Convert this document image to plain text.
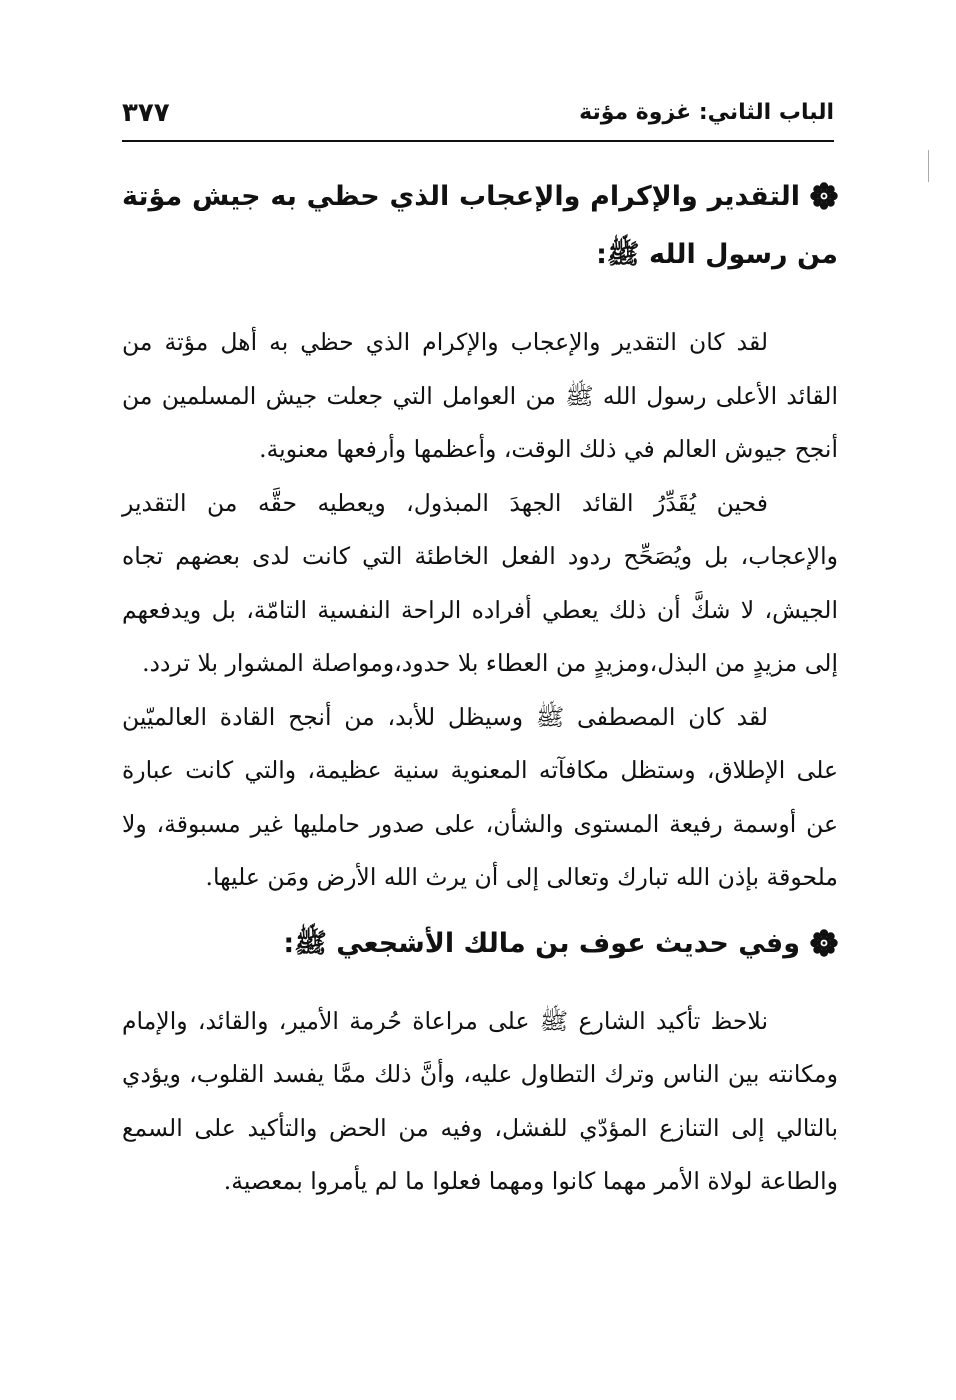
الباب الثاني: غزوة مؤتة
٣٧٧
التقدير والإكرام والإعجاب الذي حظي به جيش مؤتة من رسول الله ﷺ:

لقد كان التقدير والإعجاب والإكرام الذي حظي به أهل مؤتة من القائد الأعلى رسول الله ﷺ من العوامل التي جعلت جيش المسلمين من أنجح جيوش العالم في ذلك الوقت، وأعظمها وأرفعها معنوية.

فحين يُقَدِّرُ القائد الجهدَ المبذول، ويعطيه حقَّه من التقدير والإعجاب، بل ويُصَحِّح ردود الفعل الخاطئة التي كانت لدى بعضهم تجاه الجيش، لا شكَّ أن ذلك يعطي أفراده الراحة النفسية التامّة، بل ويدفعهم إلى مزيدٍ من البذل،ومزيدٍ من العطاء بلا حدود،ومواصلة المشوار بلا تردد.

لقد كان المصطفى ﷺ وسيظل للأبد، من أنجح القادة العالميّين على الإطلاق، وستظل مكافآته المعنوية سنية عظيمة، والتي كانت عبارة عن أوسمة رفيعة المستوى والشأن، على صدور حامليها غير مسبوقة، ولا ملحوقة بإذن الله تبارك وتعالى إلى أن يرث الله الأرض ومَن عليها.

وفي حديث عوف بن مالك الأشجعي ﷺ:

نلاحظ تأكيد الشارع ﷺ على مراعاة حُرمة الأمير، والقائد، والإمام ومكانته بين الناس وترك التطاول عليه، وأنَّ ذلك ممَّا يفسد القلوب، ويؤدي بالتالي إلى التنازع المؤدّي للفشل، وفيه من الحض والتأكيد على السمع والطاعة لولاة الأمر مهما كانوا ومهما فعلوا ما لم يأمروا بمعصية.
